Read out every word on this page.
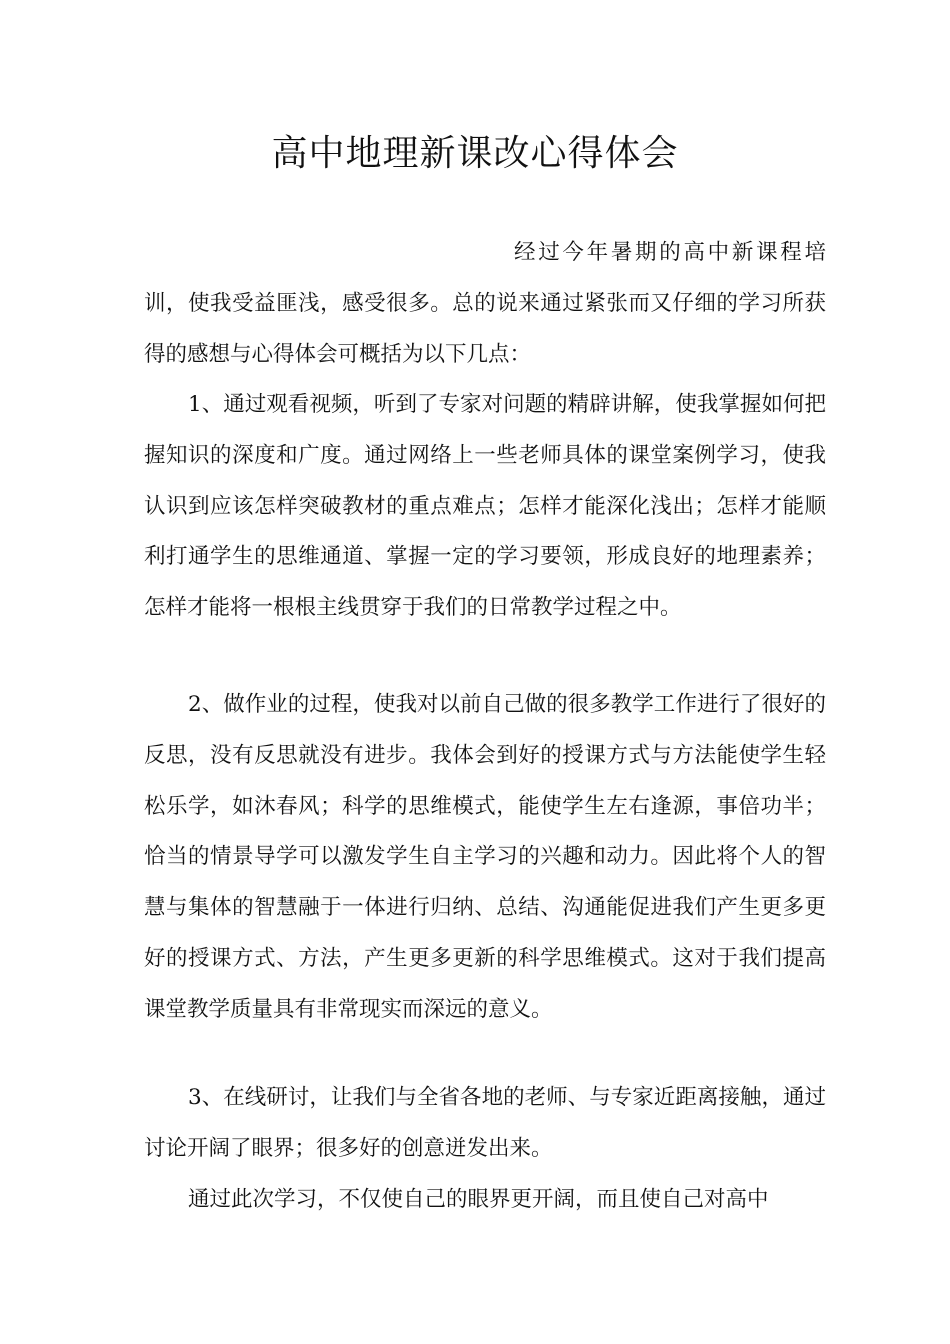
高中地理新课改心得体会

经过今年暑期的高中新课程培训，使我受益匪浅，感受很多。总的说来通过紧张而又仔细的学习所获得的感想与心得体会可概括为以下几点：

1、通过观看视频，听到了专家对问题的精辟讲解，使我掌握如何把握知识的深度和广度。通过网络上一些老师具体的课堂案例学习，使我认识到应该怎样突破教材的重点难点；怎样才能深化浅出；怎样才能顺利打通学生的思维通道、掌握一定的学习要领，形成良好的地理素养；怎样才能将一根根主线贯穿于我们的日常教学过程之中。

2、做作业的过程，使我对以前自己做的很多教学工作进行了很好的反思，没有反思就没有进步。我体会到好的授课方式与方法能使学生轻松乐学，如沐春风；科学的思维模式，能使学生左右逢源，事倍功半；恰当的情景导学可以激发学生自主学习的兴趣和动力。因此将个人的智慧与集体的智慧融于一体进行归纳、总结、沟通能促进我们产生更多更好的授课方式、方法，产生更多更新的科学思维模式。这对于我们提高课堂教学质量具有非常现实而深远的意义。

3、在线研讨，让我们与全省各地的老师、与专家近距离接触，通过讨论开阔了眼界；很多好的创意迸发出来。

通过此次学习，不仅使自己的眼界更开阔，而且使自己对高中
